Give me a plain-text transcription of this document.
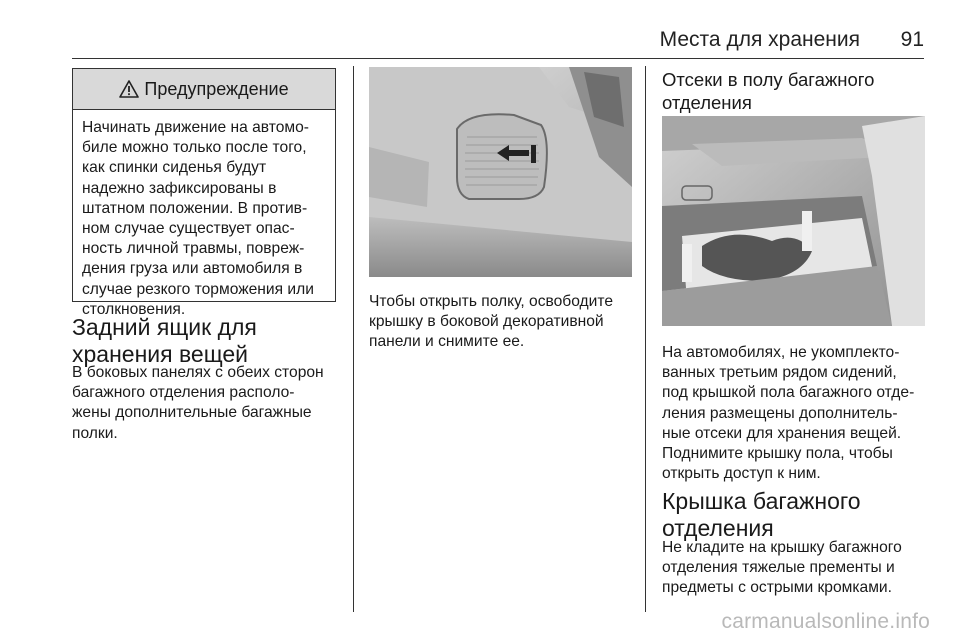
Места для хранения 91
Предупреждение
Начинать движение на автомо-
биле можно только после того,
как спинки сиденья будут
надежно зафиксированы в
штатном положении. В против-
ном случае существует опас-
ность личной травмы, повреж-
дения груза или автомобиля в
случае резкого торможения или
столкновения.
Задний ящик для
хранения вещей
В боковых панелях с обеих сторон
багажного отделения располо-
жены дополнительные багажные
полки.
Чтобы открыть полку, освободите
крышку в боковой декоративной
панели и снимите ее.
Отсеки в полу багажного
отделения
На автомобилях, не укомплекто-
ванных третьим рядом сидений,
под крышкой пола багажного отде-
ления размещены дополнитель-
ные отсеки для хранения вещей.
Поднимите крышку пола, чтобы
открыть доступ к ним.
Крышка багажного
отделения
Не кладите на крышку багажного
отделения тяжелые пременты и
предметы с острыми кромками.
carmanualsonline.info
